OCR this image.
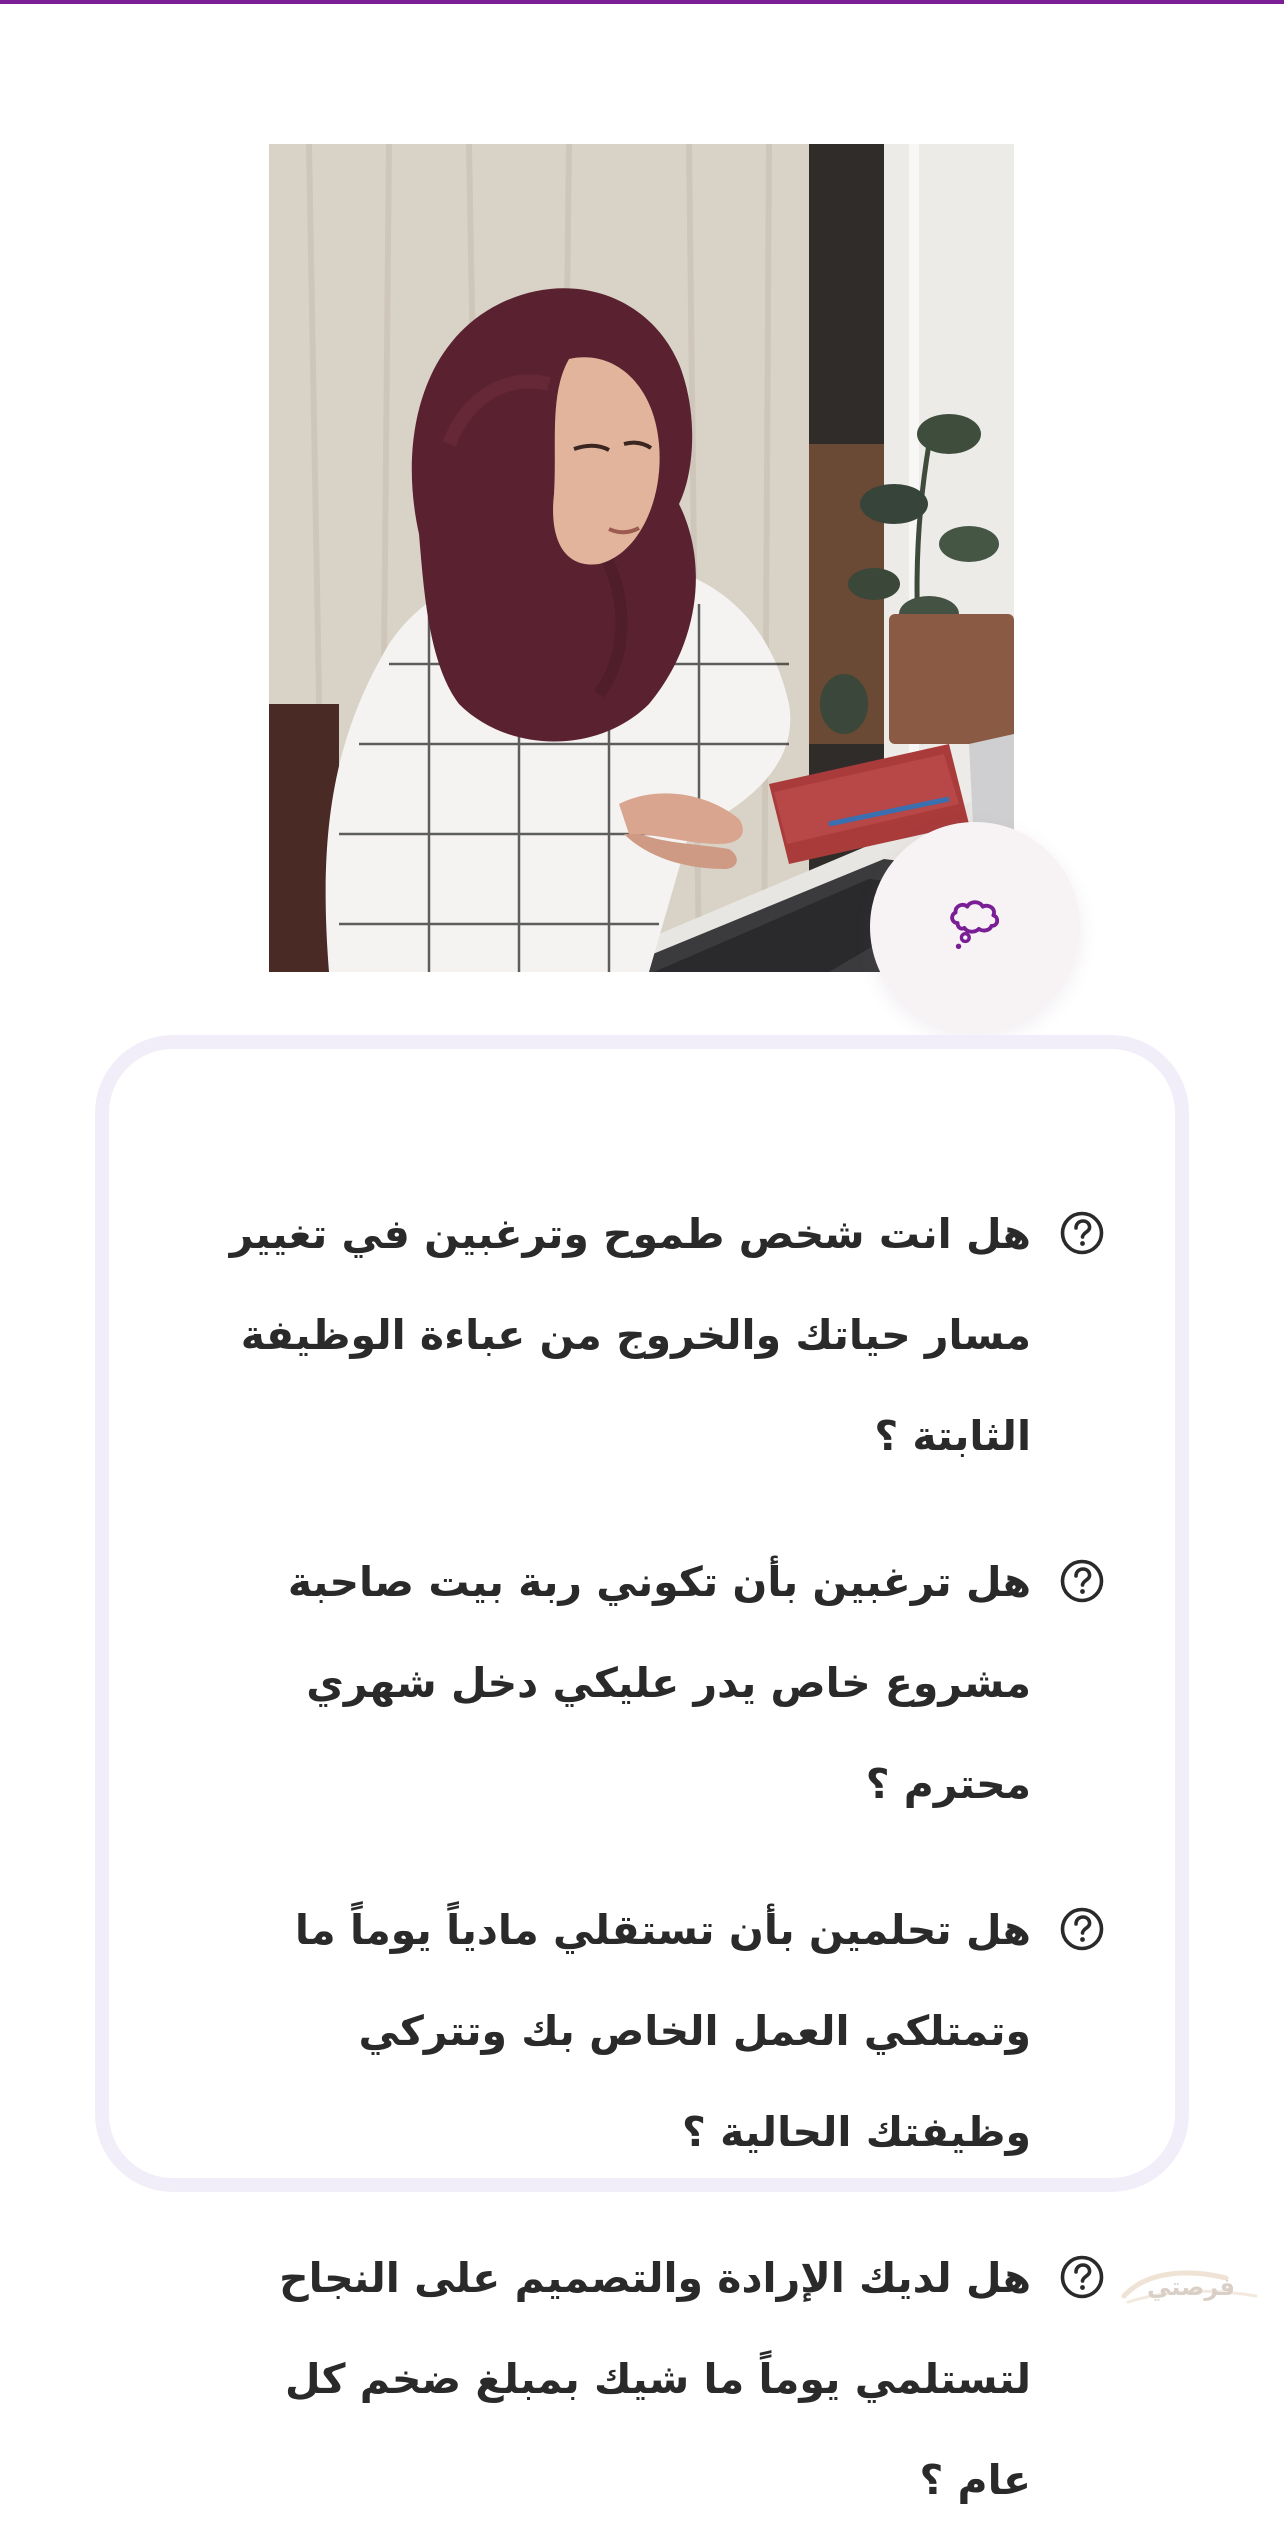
هل انت شخص طموح وترغبين في تغيير مسار حياتك والخروج من عباءة الوظيفة الثابتة ؟

هل ترغبين بأن تكوني ربة بيت صاحبة مشروع خاص يدر عليكي دخل شهري محترم ؟

هل تحلمين بأن تستقلي مادياً يوماً ما وتمتلكي العمل الخاص بك وتتركي وظيفتك الحالية ؟

هل لديك الإرادة والتصميم على النجاح لتستلمي يوماً ما شيك بمبلغ ضخم كل عام ؟

فرصتي
